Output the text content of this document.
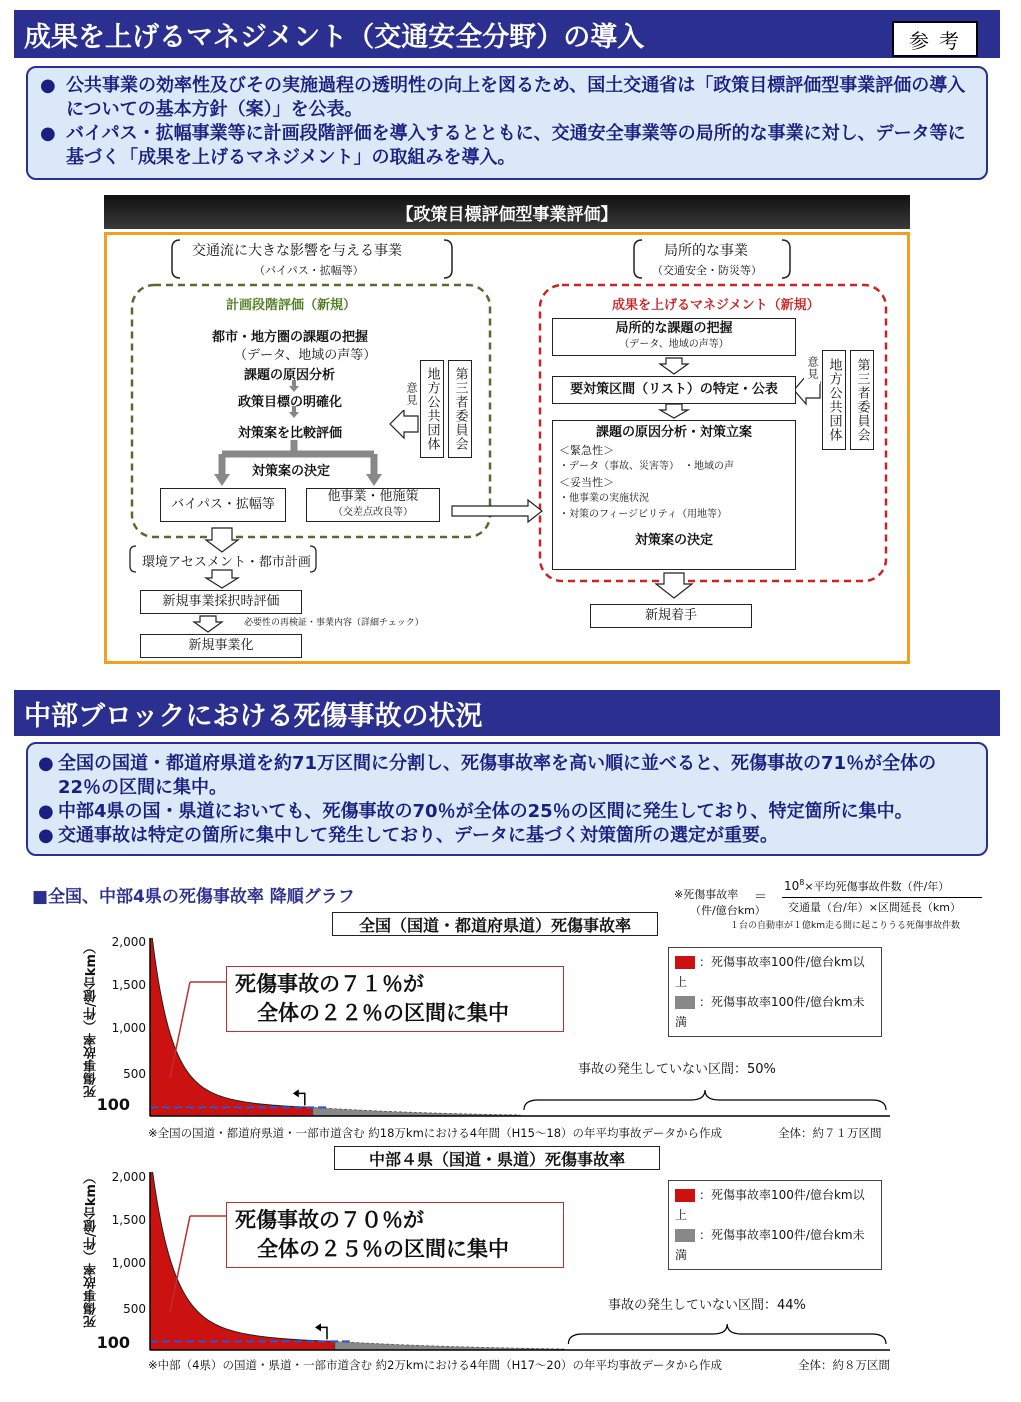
成果を上げるマネジメント（交通安全分野）の導入	参考

● 公共事業の効率性及びその実施過程の透明性の向上を図るため、国土交通省は「政策目標評価型事業評価の導入についての基本方針（案）」を公表。

● バイパス・拡幅事業等に計画段階評価を導入するとともに、交通安全事業等の局所的な事業に対し、データ等に基づく「成果を上げるマネジメント」の取組みを導入。

【政策目標評価型事業評価】
交通流に大きな影響を与える事業
（バイパス・拡幅等）
計画段階評価（新規）
都市・地方圏の課題の把握
（データ、地域の声等）
課題の原因分析
政策目標の明確化
対策案を比較評価
対策案の決定
意見 地方公共団体	第三者委員会
バイパス・拡幅等
他事業・他施策
（交差点改良等）
環境アセスメント・都市計画
新規事業採択時評価
必要性の再検証・事業内容（詳細チェック）
新規事業化
局所的な事業
（交通安全・防災等）
成果を上げるマネジメント（新規）
局所的な課題の把握
（データ、地域の声等）
要対策区間（リスト）の特定・公表
課題の原因分析・対策立案
＜緊急性＞
・データ（事故、災害等）　・地域の声
＜妥当性＞
・他事業の実施状況
・対策のフィージビリティ（用地等）
対策案の決定
意見 地方公共団体	第三者委員会
新規着手
中部ブロックにおける死傷事故の状況

● 全国の国道・都道府県道を約71万区間に分割し、死傷事故率を高い順に並べると、死傷事故の71％が全体の22％の区間に集中。

● 中部4県の国・県道においても、死傷事故の70％が全体の25％の区間に発生しており、特定箇所に集中。

● 交通事故は特定の箇所に集中して発生しており、データに基づく対策箇所の選定が重要。

■全国、中部4県の死傷事故率 降順グラフ	※死傷事故率
（件/億台km）
＝
$10^8\times$平均死傷事故件数（件/年）
交通量（台/年）×区間延長（km）
１台の自動車が１億km走る間に起こりうる死傷事故件数
全国（国道・都道府県道）死傷事故率
死傷事故率（件/億台km）	2,000
1,500
1,000
500
100
：死傷事故率100件/億台km以上
：死傷事故率100件/億台km未満
死傷事故の７１％が
全体の２２％の区間に集中
事故の発生していない区間：50%
※全国の国道・都道府県道・一部市道含む 約18万kmにおける4年間（H15～18）の年平均事故データから作成	全体：約７１万区間
中部４県（国道・県道）死傷事故率
死傷事故率（件/億台km）	2,000
1,500
1,000
500
100
：死傷事故率100件/億台km以上
：死傷事故率100件/億台km未満
死傷事故の７０％が
全体の２５％の区間に集中
事故の発生していない区間：44%
※中部（4県）の国道・県道・一部市道含む 約2万kmにおける4年間（H17～20）の年平均事故データから作成	全体：約８万区間
